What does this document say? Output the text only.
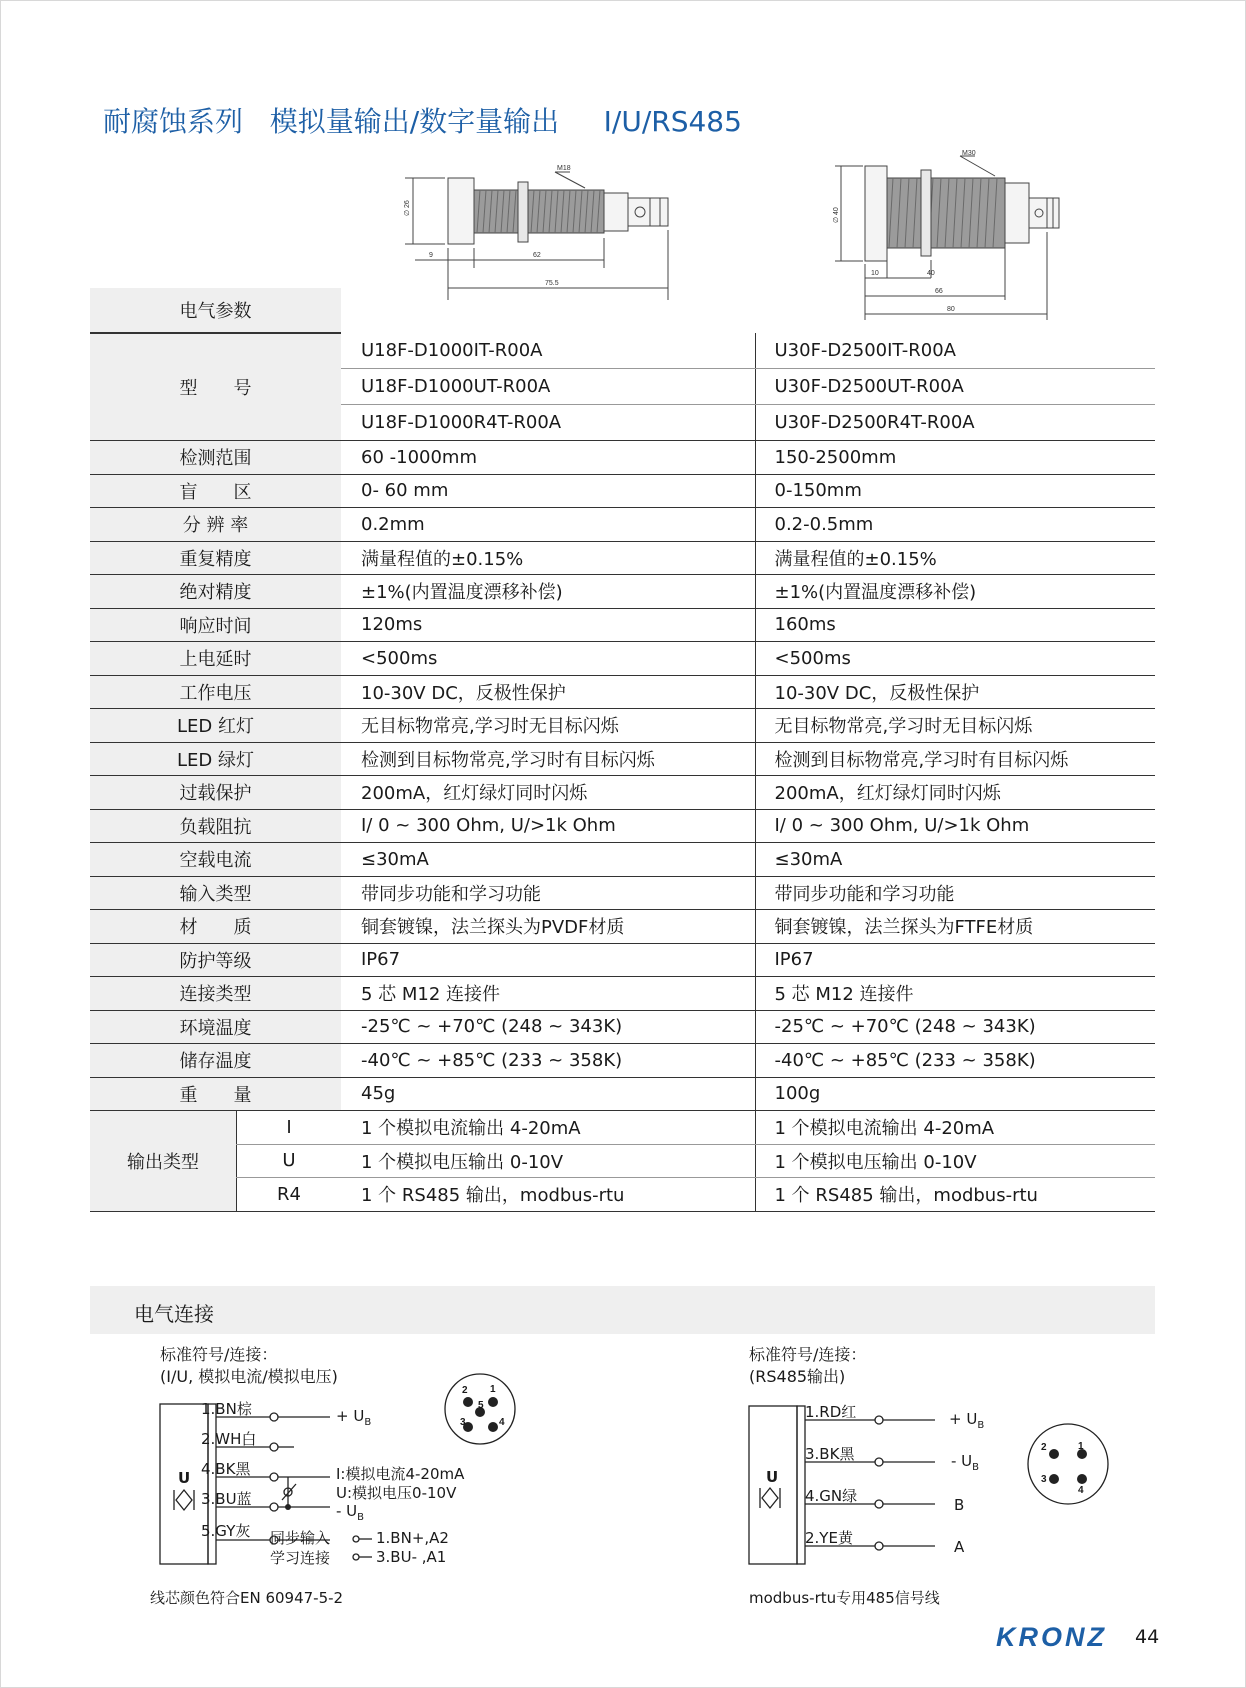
耐腐蚀系列   模拟量输出/数字量输出     I/U/RS485
M18
∅ 26
9	62
75.5
M30
∅ 40
10	40
66
80
电气参数			
型　　号		U18F-D1000IT-R00A	U30F-D2500IT-R00A
		U18F-D1000UT-R00A	U30F-D2500UT-R00A
		U18F-D1000R4T-R00A	U30F-D2500R4T-R00A
检测范围		60 -1000mm	150-2500mm
盲　　区		0- 60 mm	0-150mm
分 辨 率		0.2mm	0.2-0.5mm
重复精度		满量程值的±0.15%	满量程值的±0.15%
绝对精度		±1%(内置温度漂移补偿)	±1%(内置温度漂移补偿)
响应时间		120ms	160ms
上电延时		<500ms	<500ms
工作电压		10-30V DC，反极性保护	10-30V DC，反极性保护
LED 红灯		无目标物常亮,学习时无目标闪烁	无目标物常亮,学习时无目标闪烁
LED 绿灯		检测到目标物常亮,学习时有目标闪烁	检测到目标物常亮,学习时有目标闪烁
过载保护		200mA，红灯绿灯同时闪烁	200mA，红灯绿灯同时闪烁
负载阻抗		I/ 0 ~ 300 Ohm, U/>1k Ohm	I/ 0 ~ 300 Ohm, U/>1k Ohm
空载电流		≤30mA	≤30mA
输入类型		带同步功能和学习功能	带同步功能和学习功能
材　　质		铜套镀镍，法兰探头为PVDF材质	铜套镀镍，法兰探头为FTFE材质
防护等级		IP67	IP67
连接类型		5 芯 M12 连接件	5 芯 M12 连接件
环境温度		-25℃ ~ +70℃ (248 ~ 343K)	-25℃ ~ +70℃ (248 ~ 343K)
储存温度		-40℃ ~ +85℃ (233 ~ 358K)	-40℃ ~ +85℃ (233 ~ 358K)
重　　量		45g	100g
输出类型	I	1 个模拟电流输出 4-20mA	1 个模拟电流输出 4-20mA
	U	1 个模拟电压输出 0-10V	1 个模拟电压输出 0-10V
	R4	1 个 RS485 输出，modbus-rtu	1 个 RS485 输出，modbus-rtu
电气连接
标准符号/连接：
(I/U, 模拟电流/模拟电压)
U
1.BN棕
2.WH白
4.BK黑
3.BU蓝
5.GY灰
+ $U_B$
I:模拟电流4-20mA
U:模拟电压0-10V
- $U_B$
同步输入
学习连接
1.BN+,A2
3.BU- ,A1
线芯颜色符合EN 60947-5-2
2 1
5
3	4
标准符号/连接：
(RS485输出)
U
1.RD红
3.BK黑
4.GN绿
2.YE黄
+ $U_B$
- $U_B$
B
A
modbus-rtu专用485信号线
2	1
3
4
KRONZ 44
